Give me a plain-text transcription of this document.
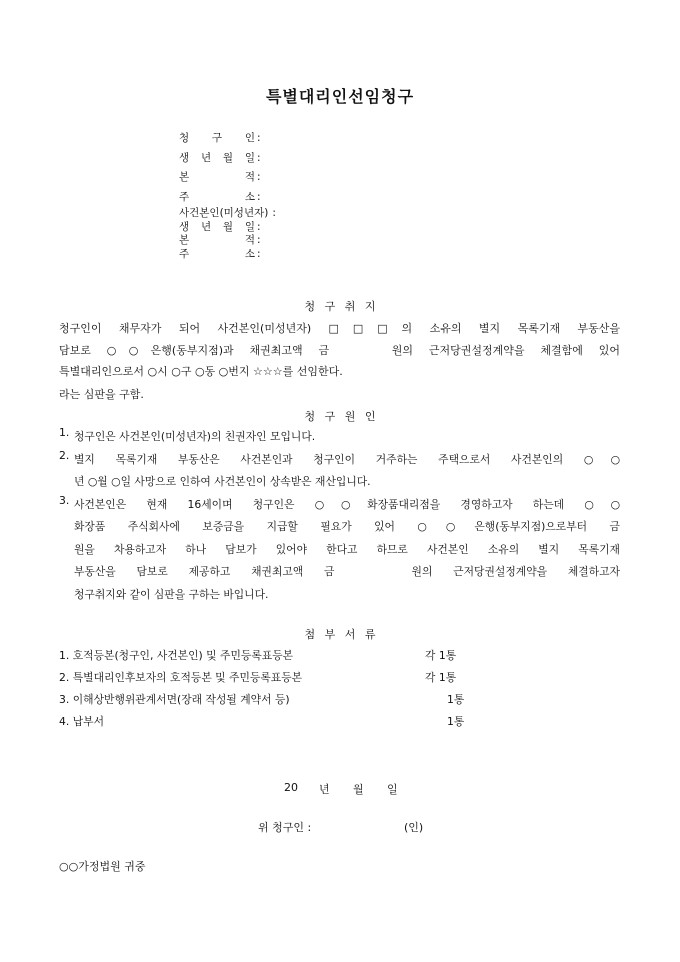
특별대리인선임청구
청 구 인 :
생 년 월 일 :
본	적 :
주	소 :
사건본인(미성년자) :
생 년 월 일 :
본	적 :
주	소 :
청 구 취 지
청구인이 채무자가 되어 사건본인(미성년자) □□□의 소유의 별지 목록기재 부동산을
담보로 ○○은행(동부지점)과 채권최고액 금 　　원의 근저당권설정계약을 체결함에 있어
특별대리인으로서 ○시 ○구 ○동 ○번지 ☆☆☆를 선임한다.
라는 심판을 구함.
청 구 원 인
1. 청구인은 사건본인(미성년자)의 친권자인 모입니다.
2. 별지 목록기재 부동산은 사건본인과 청구인이 거주하는 주택으로서 사건본인의 ○○
년 ○월 ○일 사망으로 인하여 사건본인이 상속받은 재산입니다.
3. 사건본인은 현재 16세이며 청구인은 ○○화장품대리점을 경영하고자 하는데 ○○
화장품 주식회사에 보증금을 지급할 필요가 있어 ○○은행(동부지점)으로부터 금
원을 차용하고자 하나 담보가 있어야 한다고 하므로 사건본인 소유의 별지 목록기재
부동산을 담보로 제공하고 채권최고액 금 　　원의 근저당권설정계약을 체결하고자
청구취지와 같이 심판을 구하는 바입니다.
첨 부 서 류
1. 호적등본(청구인, 사건본인) 및 주민등록표등본	각 1통
2. 특별대리인후보자의 호적등본 및 주민등록표등본	각 1통
3. 이해상반행위관계서면(장래 작성될 계약서 등)	1통
4. 납부서	1통
20 년 월 일
위 청구인 :	(인)
○○가정법원 귀중
